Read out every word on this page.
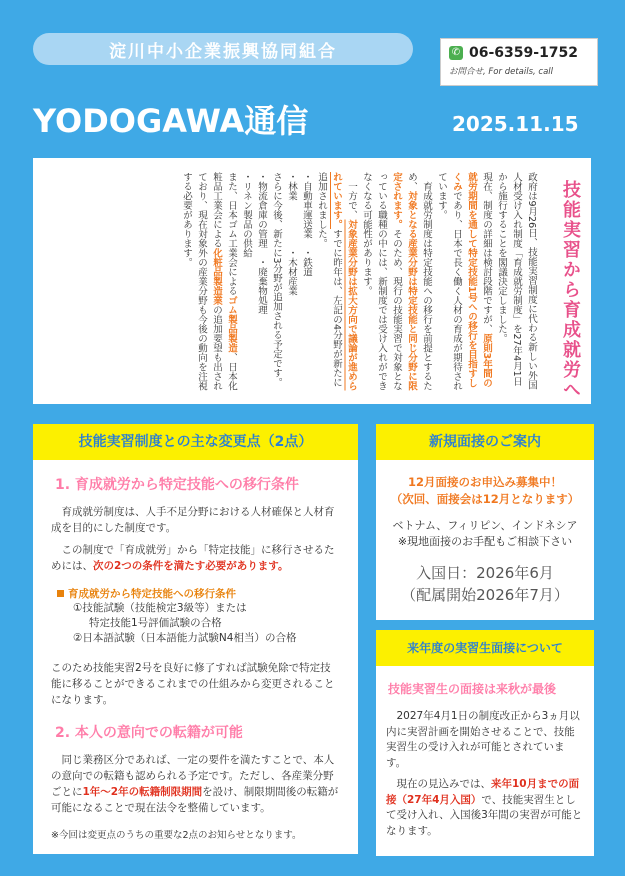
淀川中小企業振興協同組合	✆ 06-6359-1752
お問合せ, For details, call
YODOGAWA通信	2025.11.15
技能実習から育成就労へ

政府は9月26日、技能実習制度に代わる新しい外国人材受け入れ制度「育成就労制度」を27年4月1日から施行することを閣議決定しました。

現在、制度の詳細は検討段階ですが、原則3年間の就労期間を通して特定技能1号への移行を目指すしくみであり、日本で長く働く人材の育成が期待されています。

　育成就労制度は特定技能への移行を前提とするため、対象となる産業分野は特定技能と同じ分野に限定されます。そのため、現行の技能実習で対象となっている職種の中には、新制度では受け入れができなくなる可能性があります。

　一方で、対象産業分野は拡大方向で議論が進められています。すでに昨年は、左記の4分野が新たに追加されました。

・自動車運送業　・鉄道

・林業　　　　　・木材産業

さらに今後、新たに3分野が追加される予定です。

・物流倉庫の管理　・廃棄物処理

・リネン製品の供給

また、日本ゴム工業会によるゴム製品製造、日本化粧品工業会による化粧品製造業の追加要望も出されており、現在対象外の産業分野も今後の動向を注視する必要があります。

技能実習制度との主な変更点（2点）
1. 育成就労から特定技能への移行条件

育成就労制度は、人手不足分野における人材確保と人材育成を目的にした制度です。

この制度で「育成就労」から「特定技能」に移行させるためには、次の2つの条件を満たす必要があります。

育成就労から特定技能への移行条件
①技能試験（技能検定3級等）または
特定技能1号評価試験の合格
②日本語試験（日本語能力試験N4相当）の合格

このため技能実習2号を良好に修了すれば試験免除で特定技能に移ることができるこれまでの仕組みから変更されることになります。

2. 本人の意向での転籍が可能

同じ業務区分であれば、一定の要件を満たすことで、本人の意向での転籍も認められる予定です。ただし、各産業分野ごとに1年～2年の転籍制限期間を設け、制限期間後の転籍が可能になることで現在法令を整備しています。

※今回は変更点のうちの重要な2点のお知らせとなります。

新規面接のご案内
12月面接のお申込み募集中！
（次回、面接会は12月となります）
ベトナム、フィリピン、インドネシア
※現地面接のお手配もご相談下さい
入国日：2026年6月
（配属開始2026年7月）
来年度の実習生面接について
技能実習生の面接は来秋が最後

2027年4月1日の制度改正から3ヵ月以内に実習計画を開始させることで、技能実習生の受け入れが可能とされています。

現在の見込みでは、来年10月までの面接（27年4月入国）で、技能実習生として受け入れ、入国後3年間の実習が可能となります。
